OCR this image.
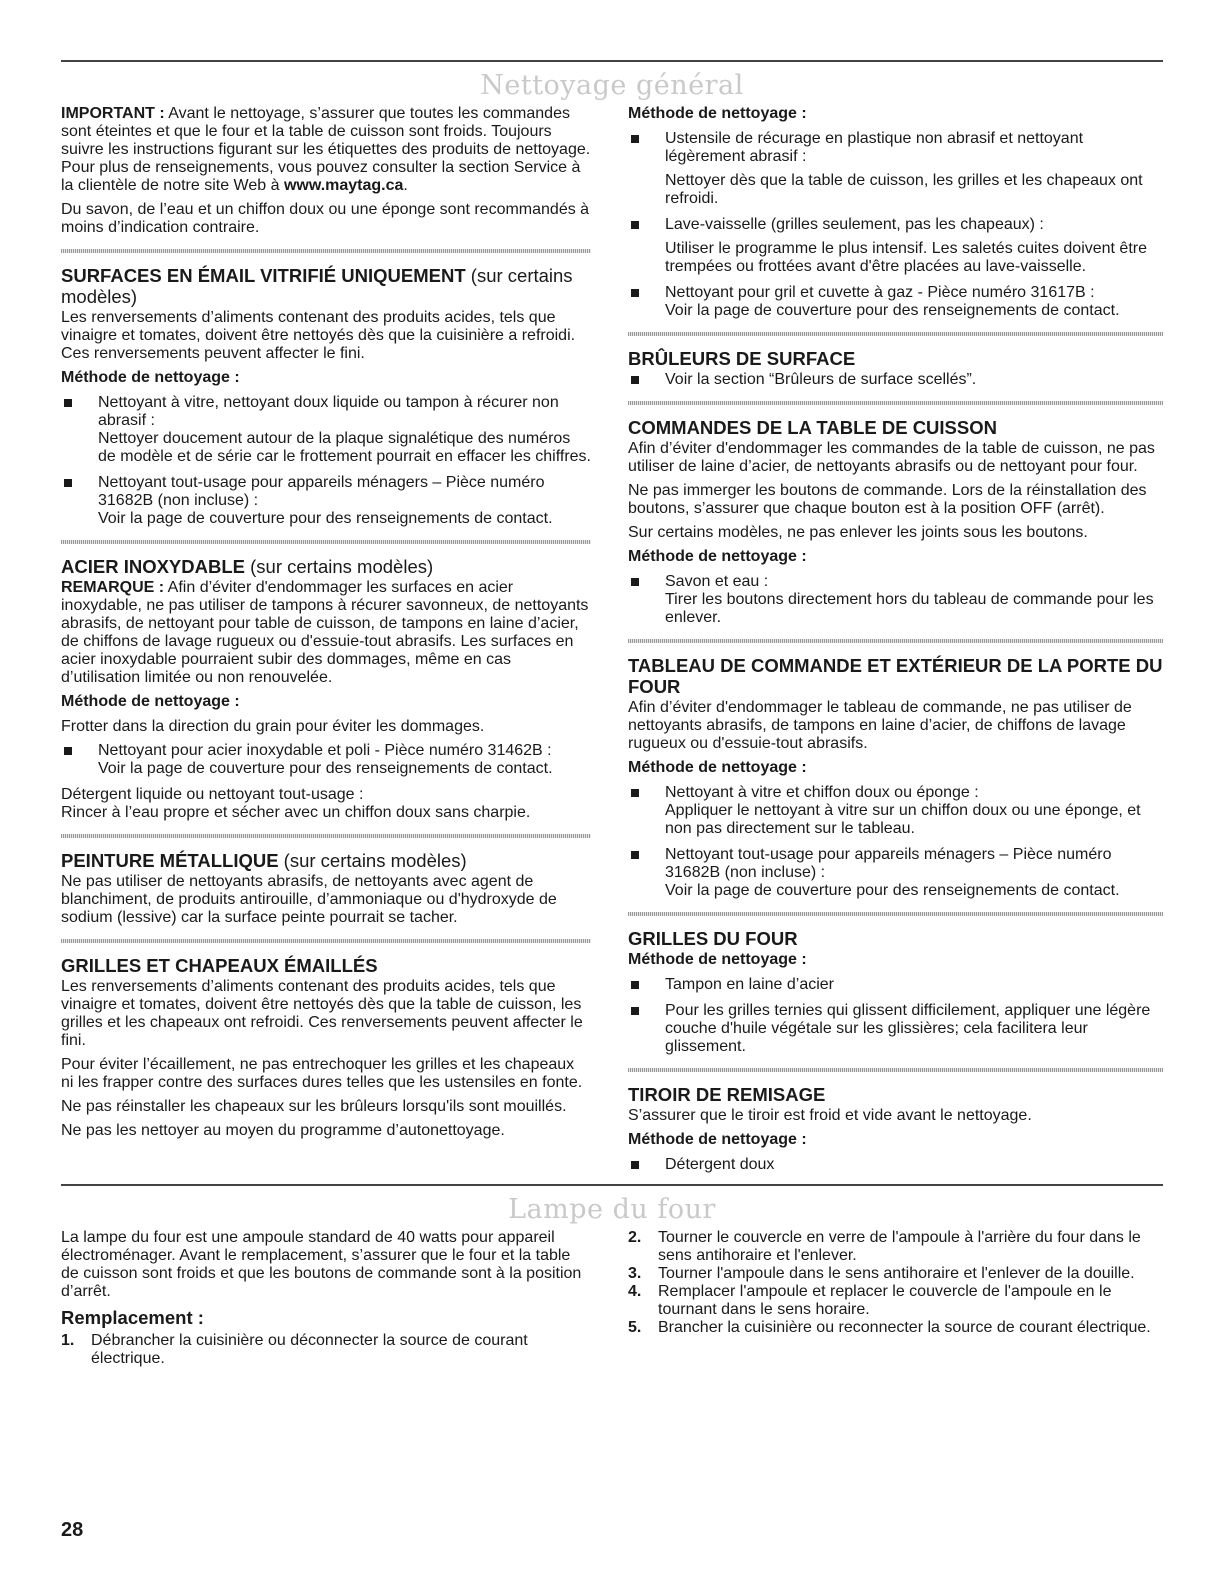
Nettoyage général

IMPORTANT : Avant le nettoyage, s’assurer que toutes les commandes sont éteintes et que le four et la table de cuisson sont froids. Toujours suivre les instructions figurant sur les étiquettes des produits de nettoyage. Pour plus de renseignements, vous pouvez consulter la section Service à la clientèle de notre site Web à www.maytag.ca.

Du savon, de l’eau et un chiffon doux ou une éponge sont recommandés à moins d’indication contraire.

SURFACES EN ÉMAIL VITRIFIÉ UNIQUEMENT (sur certains
modèles)

Les renversements d’aliments contenant des produits acides, tels que vinaigre et tomates, doivent être nettoyés dès que la cuisinière a refroidi. Ces renversements peuvent affecter le fini.

Méthode de nettoyage :
Nettoyant à vitre, nettoyant doux liquide ou tampon à récurer non abrasif :
Nettoyer doucement autour de la plaque signalétique des numéros de modèle et de série car le frottement pourrait en effacer les chiffres.
Nettoyant tout-usage pour appareils ménagers – Pièce numéro 31682B (non incluse) :
Voir la page de couverture pour des renseignements de contact.
ACIER INOXYDABLE (sur certains modèles)

REMARQUE : Afin d’éviter d'endommager les surfaces en acier inoxydable, ne pas utiliser de tampons à récurer savonneux, de nettoyants abrasifs, de nettoyant pour table de cuisson, de tampons en laine d’acier, de chiffons de lavage rugueux ou d'essuie-tout abrasifs. Les surfaces en acier inoxydable pourraient subir des dommages, même en cas d’utilisation limitée ou non renouvelée.

Méthode de nettoyage :

Frotter dans la direction du grain pour éviter les dommages.

Nettoyant pour acier inoxydable et poli - Pièce numéro 31462B :
Voir la page de couverture pour des renseignements de contact.

Détergent liquide ou nettoyant tout-usage :

Rincer à l’eau propre et sécher avec un chiffon doux sans charpie.

PEINTURE MÉTALLIQUE (sur certains modèles)

Ne pas utiliser de nettoyants abrasifs, de nettoyants avec agent de blanchiment, de produits antirouille, d’ammoniaque ou d'hydroxyde de sodium (lessive) car la surface peinte pourrait se tacher.

GRILLES ET CHAPEAUX ÉMAILLÉS

Les renversements d’aliments contenant des produits acides, tels que vinaigre et tomates, doivent être nettoyés dès que la table de cuisson, les grilles et les chapeaux ont refroidi. Ces renversements peuvent affecter le fini.

Pour éviter l’écaillement, ne pas entrechoquer les grilles et les chapeaux ni les frapper contre des surfaces dures telles que les ustensiles en fonte.

Ne pas réinstaller les chapeaux sur les brûleurs lorsqu'ils sont mouillés.

Ne pas les nettoyer au moyen du programme d’autonettoyage.

Méthode de nettoyage :
Ustensile de récurage en plastique non abrasif et nettoyant légèrement abrasif :
Nettoyer dès que la table de cuisson, les grilles et les chapeaux ont refroidi.
Lave-vaisselle (grilles seulement, pas les chapeaux) :
Utiliser le programme le plus intensif. Les saletés cuites doivent être trempées ou frottées avant d'être placées au lave-vaisselle.
Nettoyant pour gril et cuvette à gaz - Pièce numéro 31617B :
Voir la page de couverture pour des renseignements de contact.
BRÛLEURS DE SURFACE
Voir la section “Brûleurs de surface scellés”.
COMMANDES DE LA TABLE DE CUISSON

Afin d’éviter d'endommager les commandes de la table de cuisson, ne pas utiliser de laine d’acier, de nettoyants abrasifs ou de nettoyant pour four.

Ne pas immerger les boutons de commande. Lors de la réinstallation des boutons, s’assurer que chaque bouton est à la position OFF (arrêt).

Sur certains modèles, ne pas enlever les joints sous les boutons.

Méthode de nettoyage :
Savon et eau :
Tirer les boutons directement hors du tableau de commande pour les enlever.
TABLEAU DE COMMANDE ET EXTÉRIEUR DE LA PORTE DU FOUR

Afin d’éviter d'endommager le tableau de commande, ne pas utiliser de nettoyants abrasifs, de tampons en laine d’acier, de chiffons de lavage rugueux ou d'essuie-tout abrasifs.

Méthode de nettoyage :
Nettoyant à vitre et chiffon doux ou éponge :
Appliquer le nettoyant à vitre sur un chiffon doux ou une éponge, et non pas directement sur le tableau.
Nettoyant tout-usage pour appareils ménagers – Pièce numéro 31682B (non incluse) :
Voir la page de couverture pour des renseignements de contact.
GRILLES DU FOUR
Méthode de nettoyage :
Tampon en laine d’acier
Pour les grilles ternies qui glissent difficilement, appliquer une légère couche d'huile végétale sur les glissières; cela facilitera leur glissement.
TIROIR DE REMISAGE

S’assurer que le tiroir est froid et vide avant le nettoyage.

Méthode de nettoyage :
Détergent doux
Lampe du four

La lampe du four est une ampoule standard de 40 watts pour appareil électroménager. Avant le remplacement, s’assurer que le four et la table de cuisson sont froids et que les boutons de commande sont à la position d’arrêt.

Remplacement :
1. Débrancher la cuisinière ou déconnecter la source de courant électrique.
2. Tourner le couvercle en verre de l'ampoule à l'arrière du four dans le sens antihoraire et l'enlever.
3. Tourner l'ampoule dans le sens antihoraire et l'enlever de la douille.
4. Remplacer l'ampoule et replacer le couvercle de l'ampoule en le tournant dans le sens horaire.
5. Brancher la cuisinière ou reconnecter la source de courant électrique.
28
